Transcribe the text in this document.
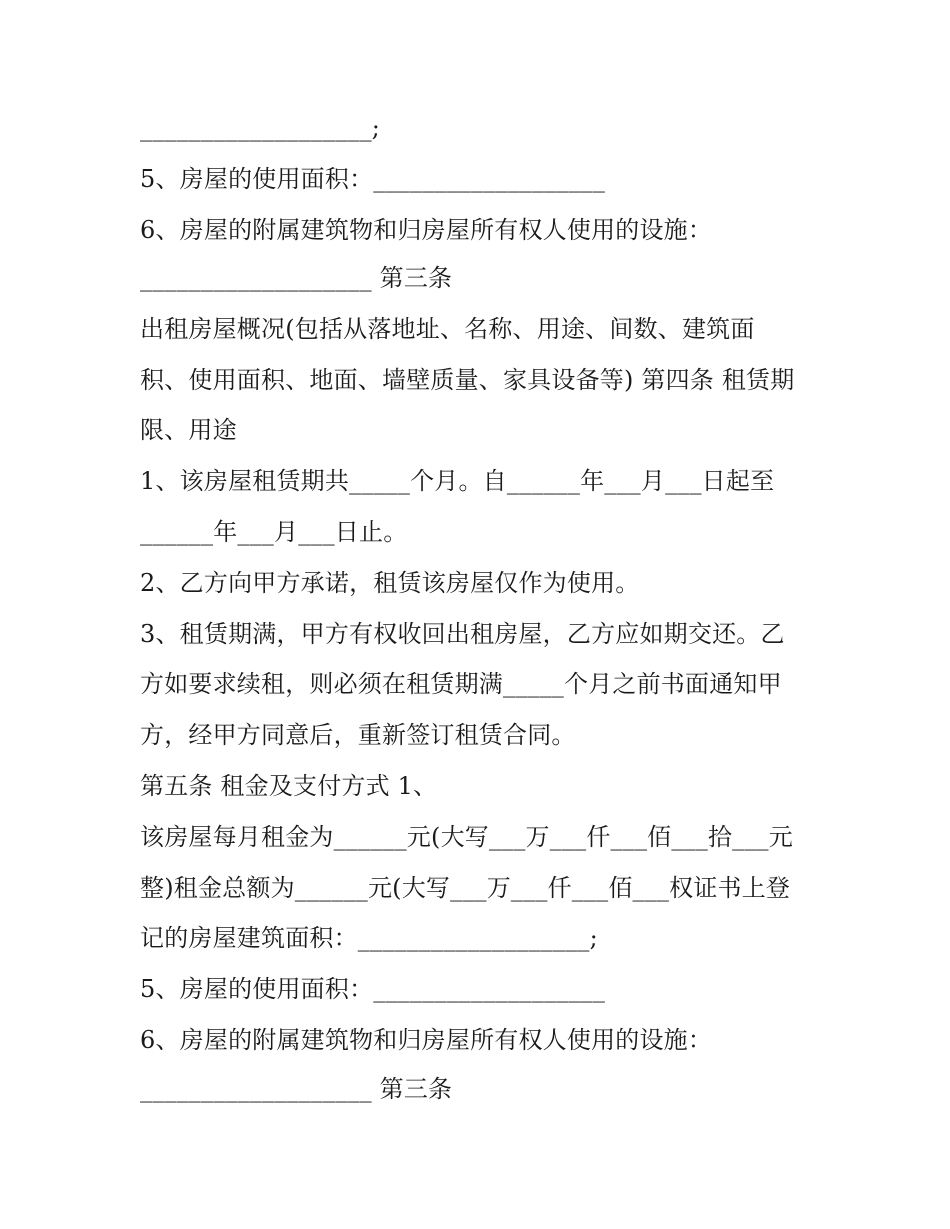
___________________;
5、房屋的使用面积：___________________
6、房屋的附属建筑物和归房屋所有权人使用的设施：
___________________ 第三条
出租房屋概况(包括从落地址、名称、用途、间数、建筑面
积、使用面积、地面、墙壁质量、家具设备等) 第四条 租赁期
限、用途
1、该房屋租赁期共_____个月。自______年___月___日起至
______年___月___日止。
2、乙方向甲方承诺，租赁该房屋仅作为使用。
3、租赁期满，甲方有权收回出租房屋，乙方应如期交还。乙
方如要求续租，则必须在租赁期满_____个月之前书面通知甲
方，经甲方同意后，重新签订租赁合同。
第五条 租金及支付方式 1、
该房屋每月租金为______元(大写___万___仟___佰___拾___元
整)租金总额为______元(大写___万___仟___佰___权证书上登
记的房屋建筑面积：___________________;
5、房屋的使用面积：___________________
6、房屋的附属建筑物和归房屋所有权人使用的设施：
___________________ 第三条
